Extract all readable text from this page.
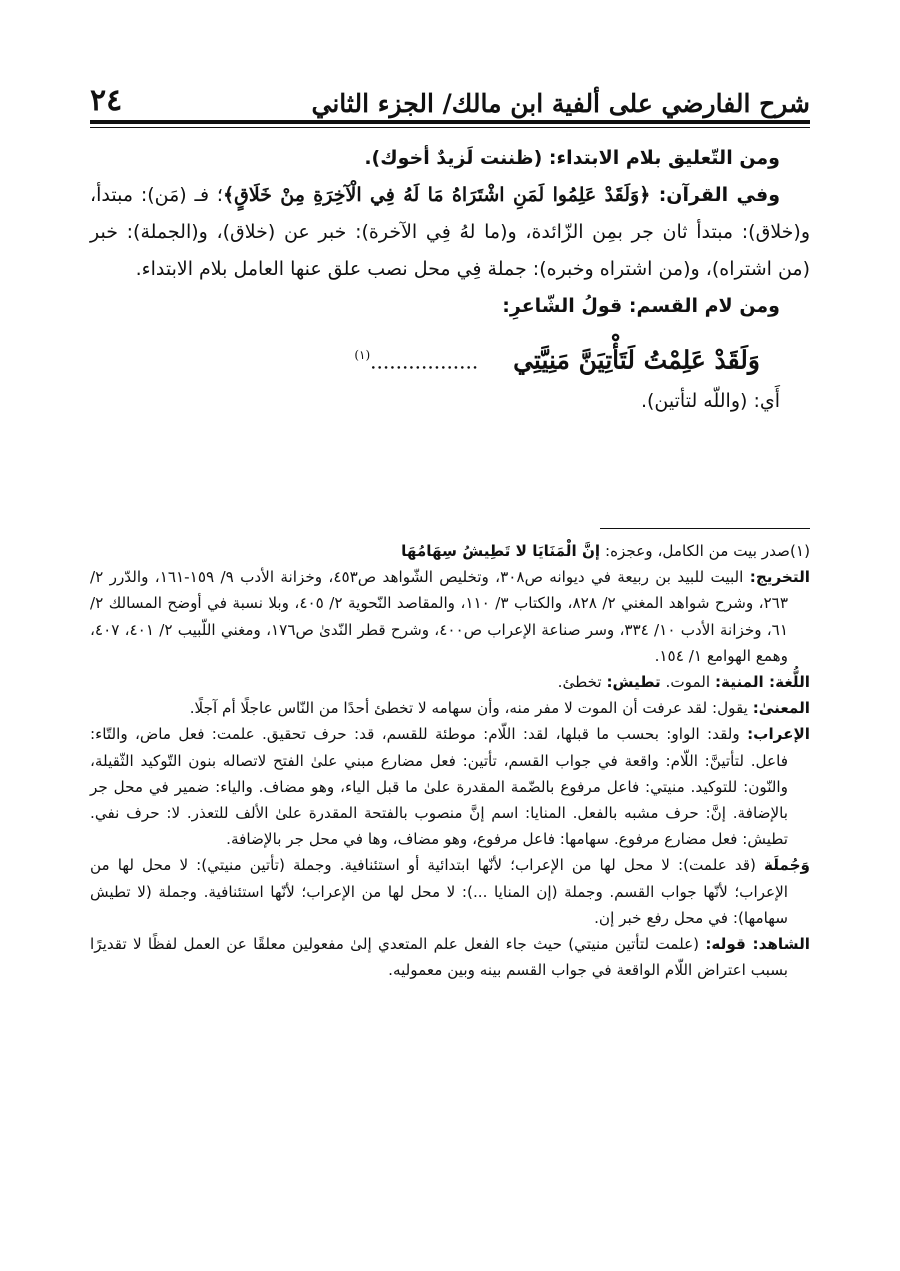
شرح الفارضي على ألفية ابن مالك/ الجزء الثاني
٢٤

ومن التّعليق بلام الابتداء: (ظننت لَزيدٌ أخوك).

وفي القرآن: ﴿وَلَقَدْ عَلِمُوا لَمَنِ اشْتَرَاهُ مَا لَهُ فِي الْآخِرَةِ مِنْ خَلَاقٍ﴾؛ فـ (مَن): مبتدأ، و(خلاق): مبتدأ ثان جر بمِن الزّائدة، و(ما لهُ فِي الآخرة): خبر عن (خلاق)، و(الجملة): خبر (من اشتراه)، و(من اشتراه وخبره): جملة فِي محل نصب علق عنها العامل بلام الابتداء.

ومن لام القسم: قولُ الشّاعرِ:

وَلَقَدْ عَلِمْتُ لَتَأْتِيَنَّ مَنِيَّتِي    .................$^{(١)}$

أَي: (واللّه لتأتين).

(١)صدر بيت من الكامل، وعجزه: إنَّ الْمَنَايَا لا تَطِيشُ سِهَامُهَا

التخريج: البيت للبيد بن ربيعة في ديوانه ص٣٠٨، وتخليص الشّواهد ص٤٥٣، وخزانة الأدب ٩/ ١٥٩-١٦١، والدّرر ٢/ ٢٦٣، وشرح شواهد المغني ٢/ ٨٢٨، والكتاب ٣/ ١١٠، والمقاصد النّحوية ٢/ ٤٠٥، وبلا نسبة في أوضح المسالك ٢/ ٦١، وخزانة الأدب ١٠/ ٣٣٤، وسر صناعة الإعراب ص٤٠٠، وشرح قطر النّدىٰ ص١٧٦، ومغني اللّبيب ٢/ ٤٠١، ٤٠٧، وهمع الهوامع ١/ ١٥٤.

اللُّغة: المنية: الموت. تطيش: تخطئ.

المعنىٰ: يقول: لقد عرفت أن الموت لا مفر منه، وأن سهامه لا تخطئ أحدًا من النّاس عاجلًا أم آجلًا.

الإعراب: ولقد: الواو: بحسب ما قبلها، لقد: اللّام: موطئة للقسم، قد: حرف تحقيق. علمت: فعل ماض، والتّاء: فاعل. لتأتينَّ: اللّام: واقعة في جواب القسم، تأتين: فعل مضارع مبني علىٰ الفتح لاتصاله بنون التّوكيد الثّقيلة، والنّون: للتوكيد. منيتي: فاعل مرفوع بالضّمة المقدرة علىٰ ما قبل الياء، وهو مضاف. والياء: ضمير في محل جر بالإضافة. إنَّ: حرف مشبه بالفعل. المنايا: اسم إنَّ منصوب بالفتحة المقدرة علىٰ الألف للتعذر. لا: حرف نفي. تطيش: فعل مضارع مرفوع. سهامها: فاعل مرفوع، وهو مضاف، وها في محل جر بالإضافة.

وَجُملَة (قد علمت): لا محل لها من الإعراب؛ لأنّها ابتدائية أو استئنافية. وجملة (تأتين منيتي): لا محل لها من الإعراب؛ لأنّها جواب القسم. وجملة (إن المنايا ...): لا محل لها من الإعراب؛ لأنّها استئنافية. وجملة (لا تطيش سهامها): في محل رفع خبر إن.

الشاهد: قوله: (علمت لتأتين منيتي) حيث جاء الفعل علم المتعدي إلىٰ مفعولين معلقًا عن العمل لفظًا لا تقديرًا بسبب اعتراض اللّام الواقعة في جواب القسم بينه وبين معموليه.
